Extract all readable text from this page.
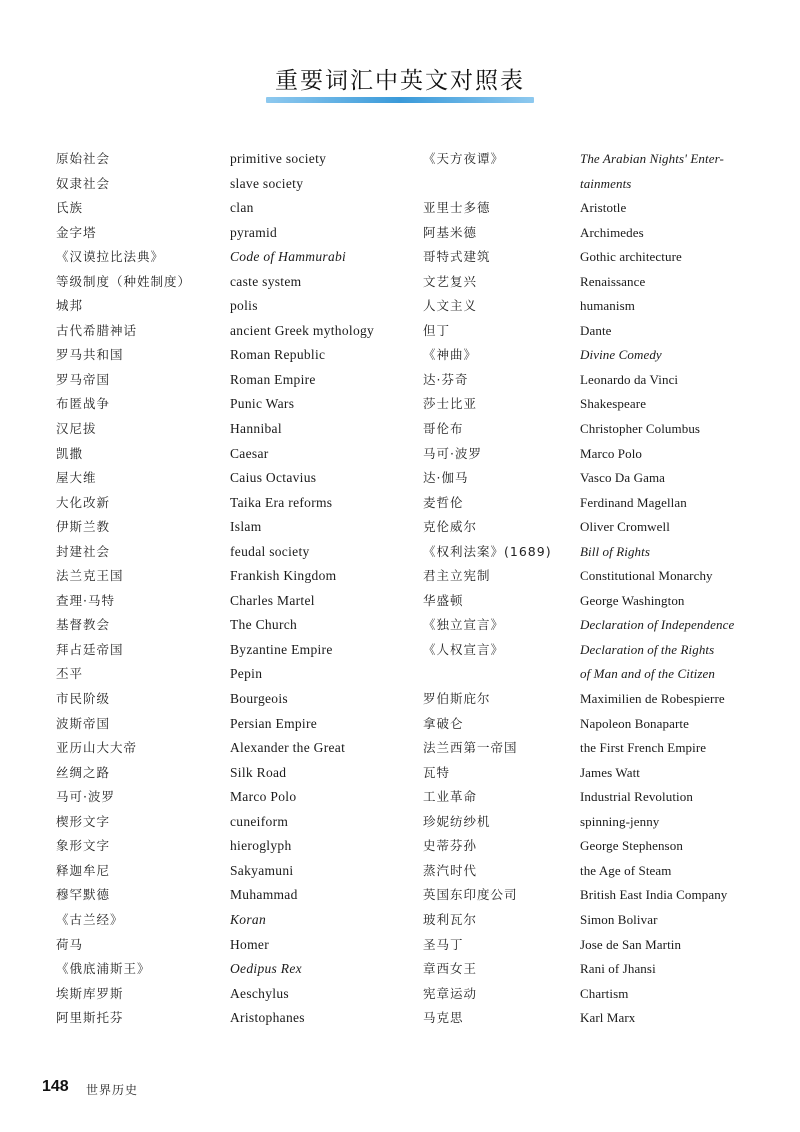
重要词汇中英文对照表
原始社会
奴隶社会
氏族
金字塔
《汉谟拉比法典》
等级制度（种姓制度）
城邦
古代希腊神话
罗马共和国
罗马帝国
布匿战争
汉尼拔
凯撒
屋大维
大化改新
伊斯兰教
封建社会
法兰克王国
查理·马特
基督教会
拜占廷帝国
丕平
市民阶级
波斯帝国
亚历山大大帝
丝绸之路
马可·波罗
楔形文字
象形文字
释迦牟尼
穆罕默德
《古兰经》
荷马
《俄底浦斯王》
埃斯库罗斯
阿里斯托芬
primitive society
slave society
clan
pyramid
Code of Hammurabi
caste system
polis
ancient Greek mythology
Roman Republic
Roman Empire
Punic Wars
Hannibal
Caesar
Caius Octavius
Taika Era reforms
Islam
feudal society
Frankish Kingdom
Charles Martel
The Church
Byzantine Empire
Pepin
Bourgeois
Persian Empire
Alexander the Great
Silk Road
Marco Polo
cuneiform
hieroglyph
Sakyamuni
Muhammad
Koran
Homer
Oedipus Rex
Aeschylus
Aristophanes
《天方夜谭》
亚里士多德
阿基米德
哥特式建筑
文艺复兴
人文主义
但丁
《神曲》
达·芬奇
莎士比亚
哥伦布
马可·波罗
达·伽马
麦哲伦
克伦威尔
《权利法案》(1689)
君主立宪制
华盛顿
《独立宣言》
《人权宣言》
罗伯斯庇尔
拿破仑
法兰西第一帝国
瓦特
工业革命
珍妮纺纱机
史蒂芬孙
蒸汽时代
英国东印度公司
玻利瓦尔
圣马丁
章西女王
宪章运动
马克思
The Arabian Nights' Enter-
tainments
Aristotle
Archimedes
Gothic architecture
Renaissance
humanism
Dante
Divine Comedy
Leonardo da Vinci
Shakespeare
Christopher Columbus
Marco Polo
Vasco Da Gama
Ferdinand Magellan
Oliver Cromwell
Bill of Rights
Constitutional Monarchy
George Washington
Declaration of Independence
Declaration of the Rights
of Man and of the Citizen
Maximilien de Robespierre
Napoleon Bonaparte
the First French Empire
James Watt
Industrial Revolution
spinning-jenny
George Stephenson
the Age of Steam
British East India Company
Simon Bolivar
Jose de San Martin
Rani of Jhansi
Chartism
Karl Marx
148 世界历史
